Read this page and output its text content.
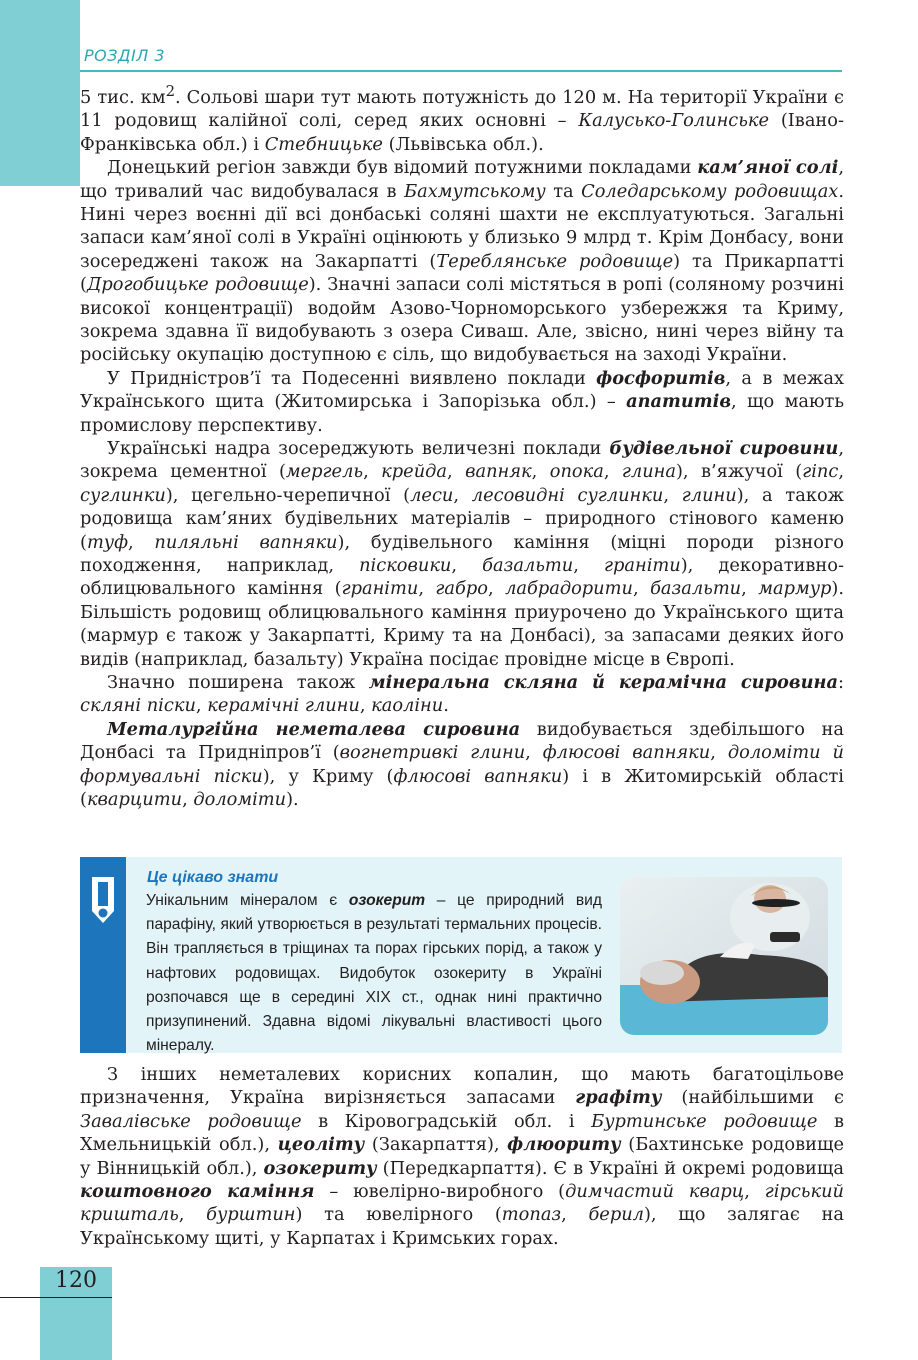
РОЗДІЛ 3

5 тис. $км^2$. Сольові шари тут мають потужність до 120 м. На території України є 11 родовищ калійної солі, серед яких основні – Калусько-Голинське (Івано-Франківська обл.) і Стебницьке (Львівська обл.).

Донецький регіон завжди був відомий потужними покладами кам’яної солі, що тривалий час видобувалася в Бахмутському та Соледарському родовищах. Нині через воєнні дії всі донбаські соляні шахти не експлуатуються. Загальні запаси кам’яної солі в Україні оцінюють у близько 9 млрд т. Крім Донбасу, вони зосереджені також на Закарпатті (Тереблянське родовище) та Прикарпатті (Дрогобицьке родовище). Значні запаси солі містяться в ропі (соляному розчині високої концентрації) водойм Азово-Чорноморського узбережжя та Криму, зокрема здавна її видобувають з озера Сиваш. Але, звісно, нині через війну та російську окупацію доступною є сіль, що видобувається на заході України.

У Придністров’ї та Подесенні виявлено поклади фосфоритів, а в межах Українського щита (Житомирська і Запорізька обл.) – апатитів, що мають промислову перспективу.

Українські надра зосереджують величезні поклади будівельної сировини, зокрема цементної (мергель, крейда, вапняк, опока, глина), в’яжучої (гіпс, суглинки), цегельно-черепичної (леси, лесовидні суглинки, глини), а також родовища кам’яних будівельних матеріалів – природного стінового каменю (туф, пиляльні вапняки), будівельного каміння (міцні породи різного походження, наприклад, пісковики, базальти, граніти), декоративно-облицювального каміння (граніти, габро, лабрадорити, базальти, мармур). Більшість родовищ облицювального каміння приурочено до Українського щита (мармур є також у Закарпатті, Криму та на Донбасі), за запасами деяких його видів (наприклад, базальту) Україна посідає провідне місце в Європі.

Значно поширена також мінеральна скляна й керамічна сировина: скляні піски, керамічні глини, каоліни.

Металургійна неметалева сировина видобувається здебільшого на Донбасі та Придніпров’ї (вогнетривкі глини, флюсові вапняки, доломіти й формувальні піски), у Криму (флюсові вапняки) і в Житомирській області (кварцити, доломіти).

Це цікаво знати
Унікальним мінералом є озокерит – це природний вид парафіну, який утворюється в результаті термальних процесів. Він трапляється в тріщинах та порах гірських порід, а також у нафтових родовищах. Видобуток озокериту в Україні розпочався ще в середині XIX ст., однак нині практично призупинений. Здавна відомі лікувальні властивості цього мінералу.

З інших неметалевих корисних копалин, що мають багатоцільове призначення, Україна вирізняється запасами графіту (найбільшими є Завалівське родовище в Кіровоградській обл. і Буртинське родовище в Хмельницькій обл.), цеоліту (Закарпаття), флюориту (Бахтинське родовище у Вінницькій обл.), озокериту (Передкарпаття). Є в Україні й окремі родовища коштовного каміння – ювелірно-виробного (димчастий кварц, гірський кришталь, бурштин) та ювелірного (топаз, берил), що залягає на Українському щиті, у Карпатах і Кримських горах.

120
